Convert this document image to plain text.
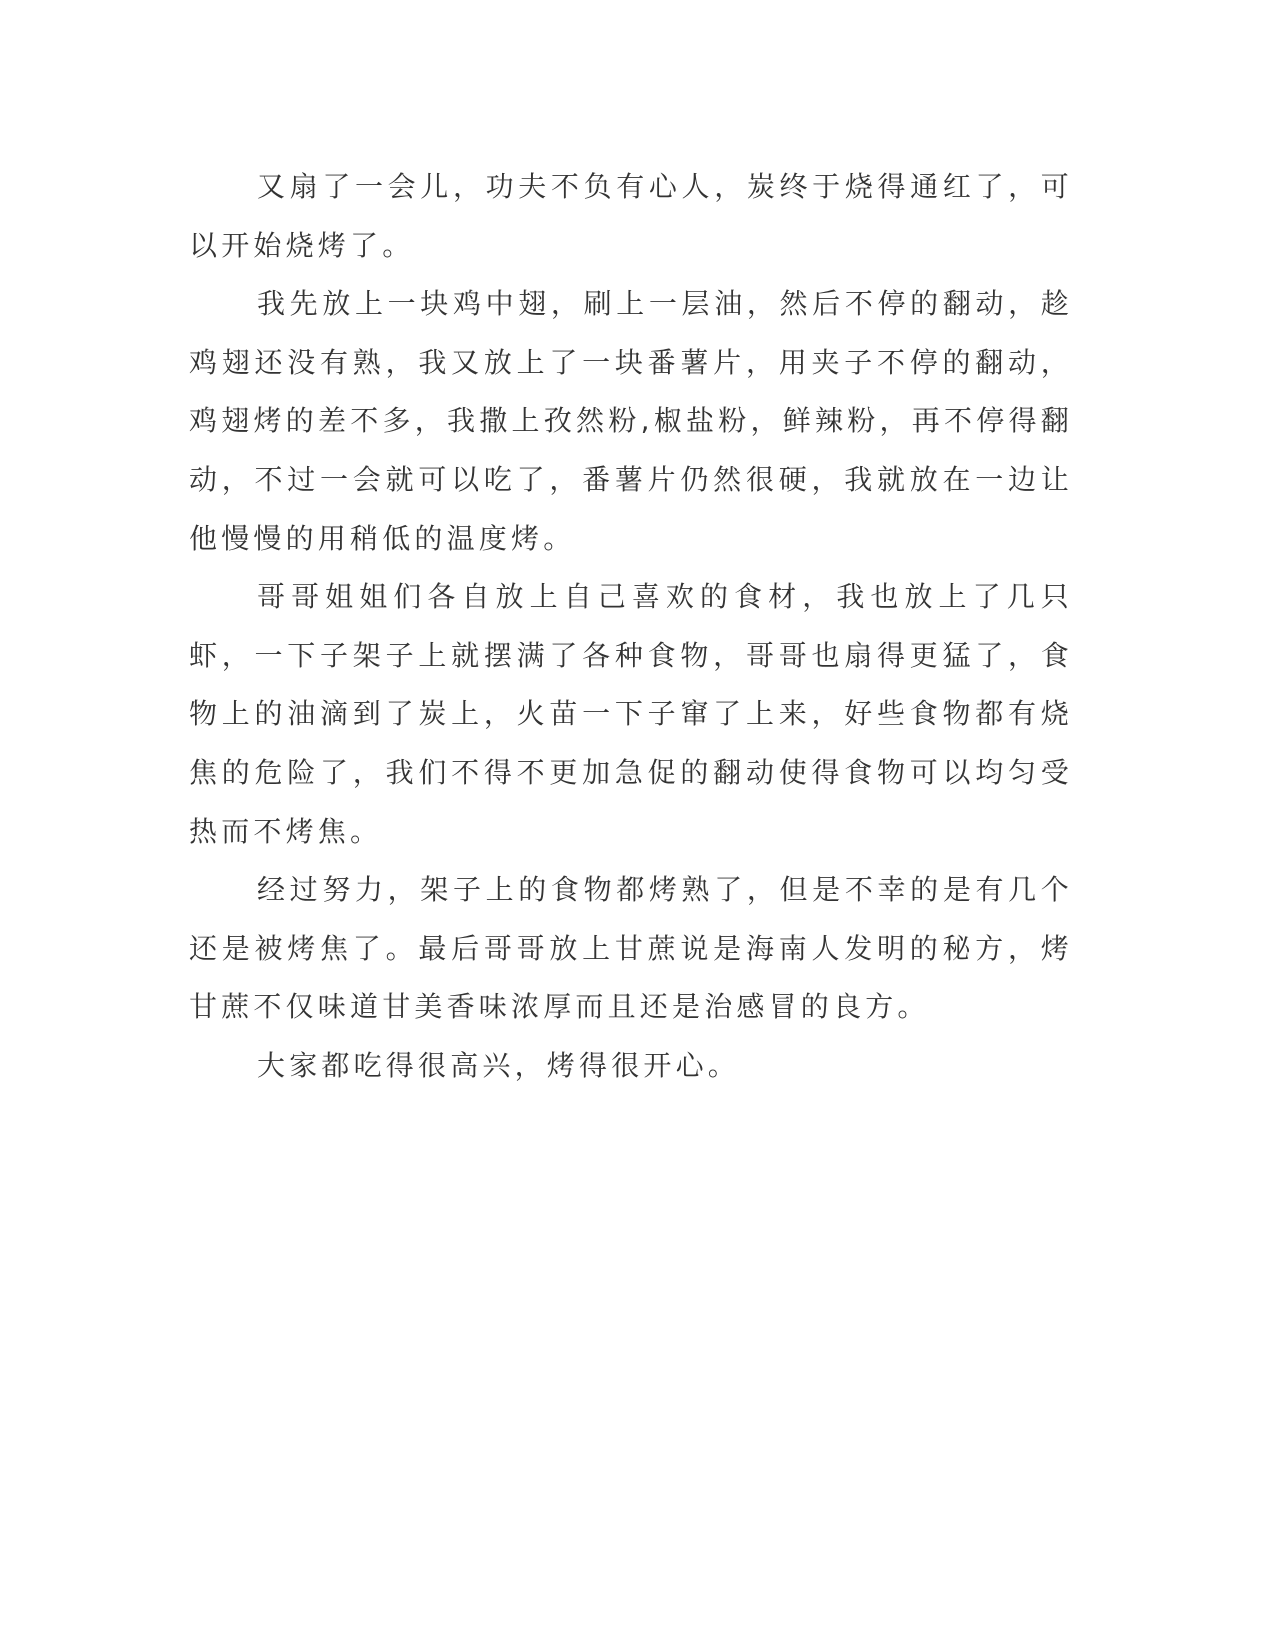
又扇了一会儿，功夫不负有心人，炭终于烧得通红了，可以开始烧烤了。

我先放上一块鸡中翅，刷上一层油，然后不停的翻动，趁鸡翅还没有熟，我又放上了一块番薯片，用夹子不停的翻动，鸡翅烤的差不多，我撒上孜然粉,椒盐粉，鲜辣粉，再不停得翻动，不过一会就可以吃了，番薯片仍然很硬，我就放在一边让他慢慢的用稍低的温度烤。

哥哥姐姐们各自放上自己喜欢的食材，我也放上了几只虾，一下子架子上就摆满了各种食物，哥哥也扇得更猛了，食物上的油滴到了炭上，火苗一下子窜了上来，好些食物都有烧焦的危险了，我们不得不更加急促的翻动使得食物可以均匀受热而不烤焦。

经过努力，架子上的食物都烤熟了，但是不幸的是有几个还是被烤焦了。最后哥哥放上甘蔗说是海南人发明的秘方，烤甘蔗不仅味道甘美香味浓厚而且还是治感冒的良方。

大家都吃得很高兴，烤得很开心。
